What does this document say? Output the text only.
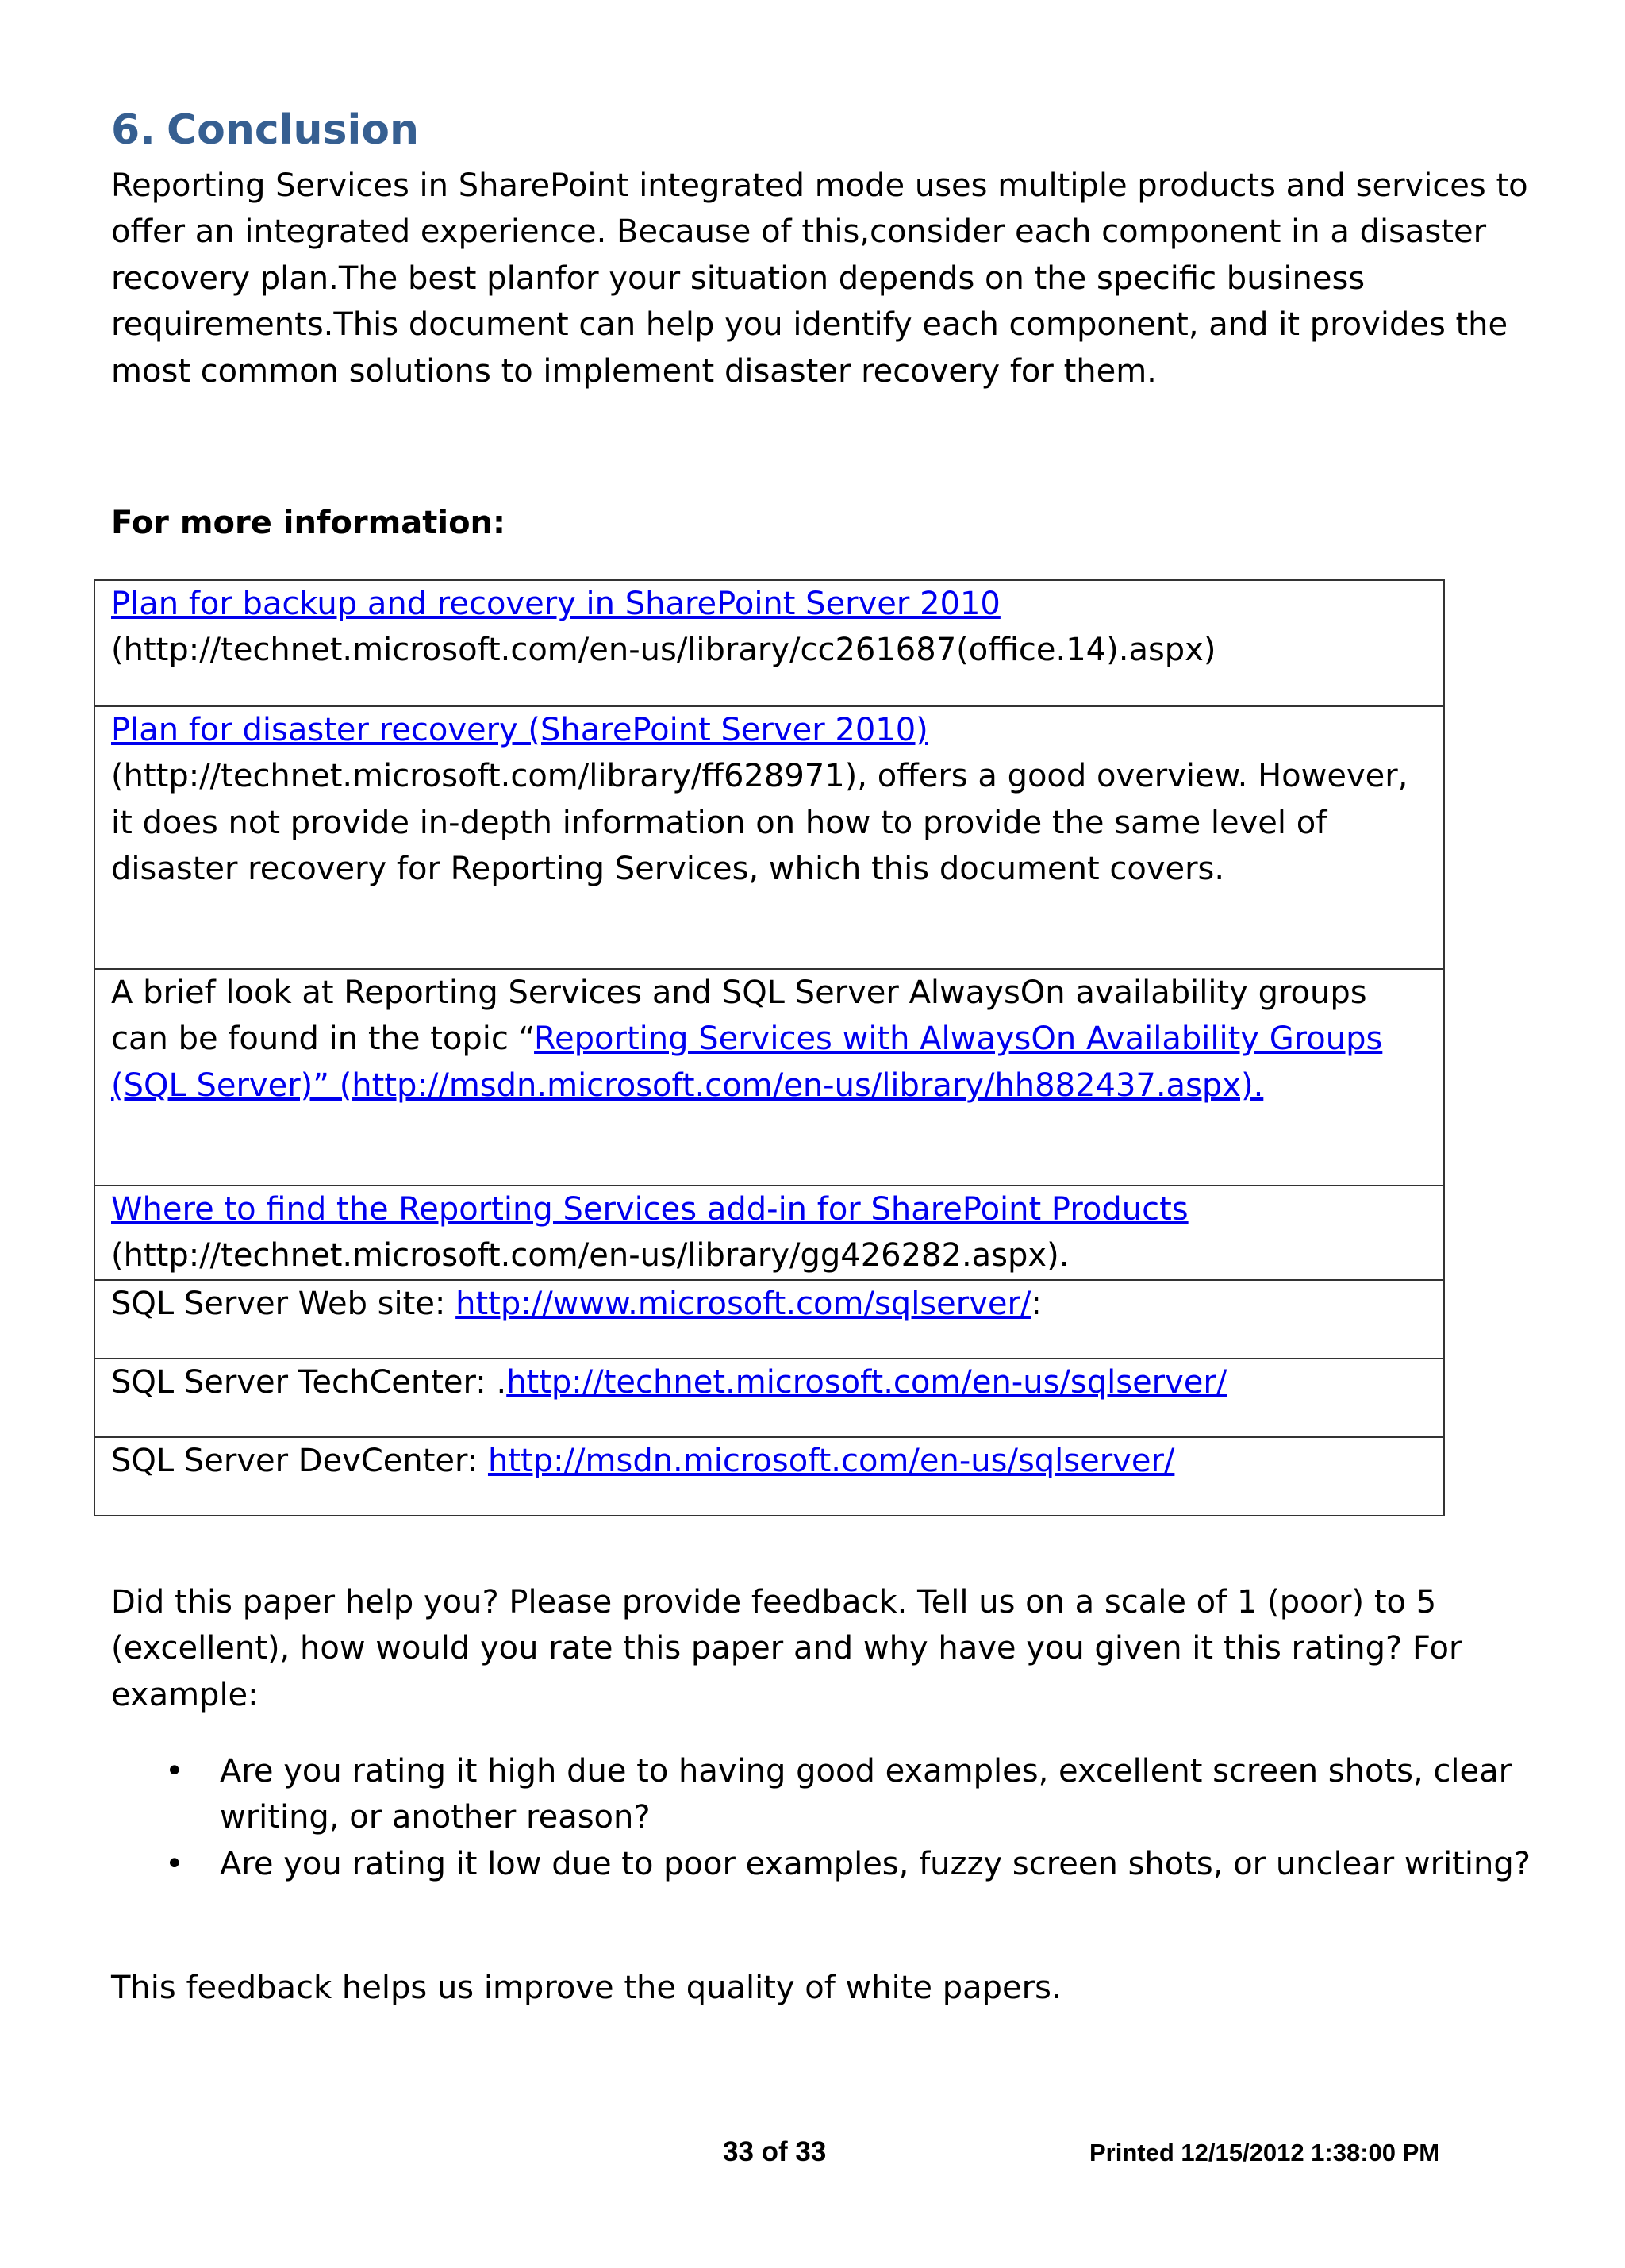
6. Conclusion

Reporting Services in SharePoint integrated mode uses multiple products and services to offer an integrated experience. Because of this,consider each component in a disaster recovery plan.The best planfor your situation depends on the specific business requirements.This document can help you identify each component, and it provides the most common solutions to implement disaster recovery for them.

For more information:

Plan for backup and recovery in SharePoint Server 2010
(http://technet.microsoft.com/en-us/library/cc261687(office.14).aspx)
Plan for disaster recovery (SharePoint Server 2010)
(http://technet.microsoft.com/library/ff628971), offers a good overview. However, it does not provide in-depth information on how to provide the same level of disaster recovery for Reporting Services, which this document covers.
A brief look at Reporting Services and SQL Server AlwaysOn availability groups can be found in the topic “Reporting Services with AlwaysOn Availability Groups (SQL Server)” (http://msdn.microsoft.com/en-us/library/hh882437.aspx).
Where to find the Reporting Services add-in for SharePoint Products
(http://technet.microsoft.com/en-us/library/gg426282.aspx).
SQL Server Web site: http://www.microsoft.com/sqlserver/:
SQL Server TechCenter: .http://technet.microsoft.com/en-us/sqlserver/
SQL Server DevCenter: http://msdn.microsoft.com/en-us/sqlserver/

Did this paper help you? Please provide feedback. Tell us on a scale of 1 (poor) to 5 (excellent), how would you rate this paper and why have you given it this rating? For example:

• Are you rating it high due to having good examples, excellent screen shots, clear writing, or another reason?
• Are you rating it low due to poor examples, fuzzy screen shots, or unclear writing?

This feedback helps us improve the quality of white papers.

33 of 33	Printed 12/15/2012 1:38:00 PM
